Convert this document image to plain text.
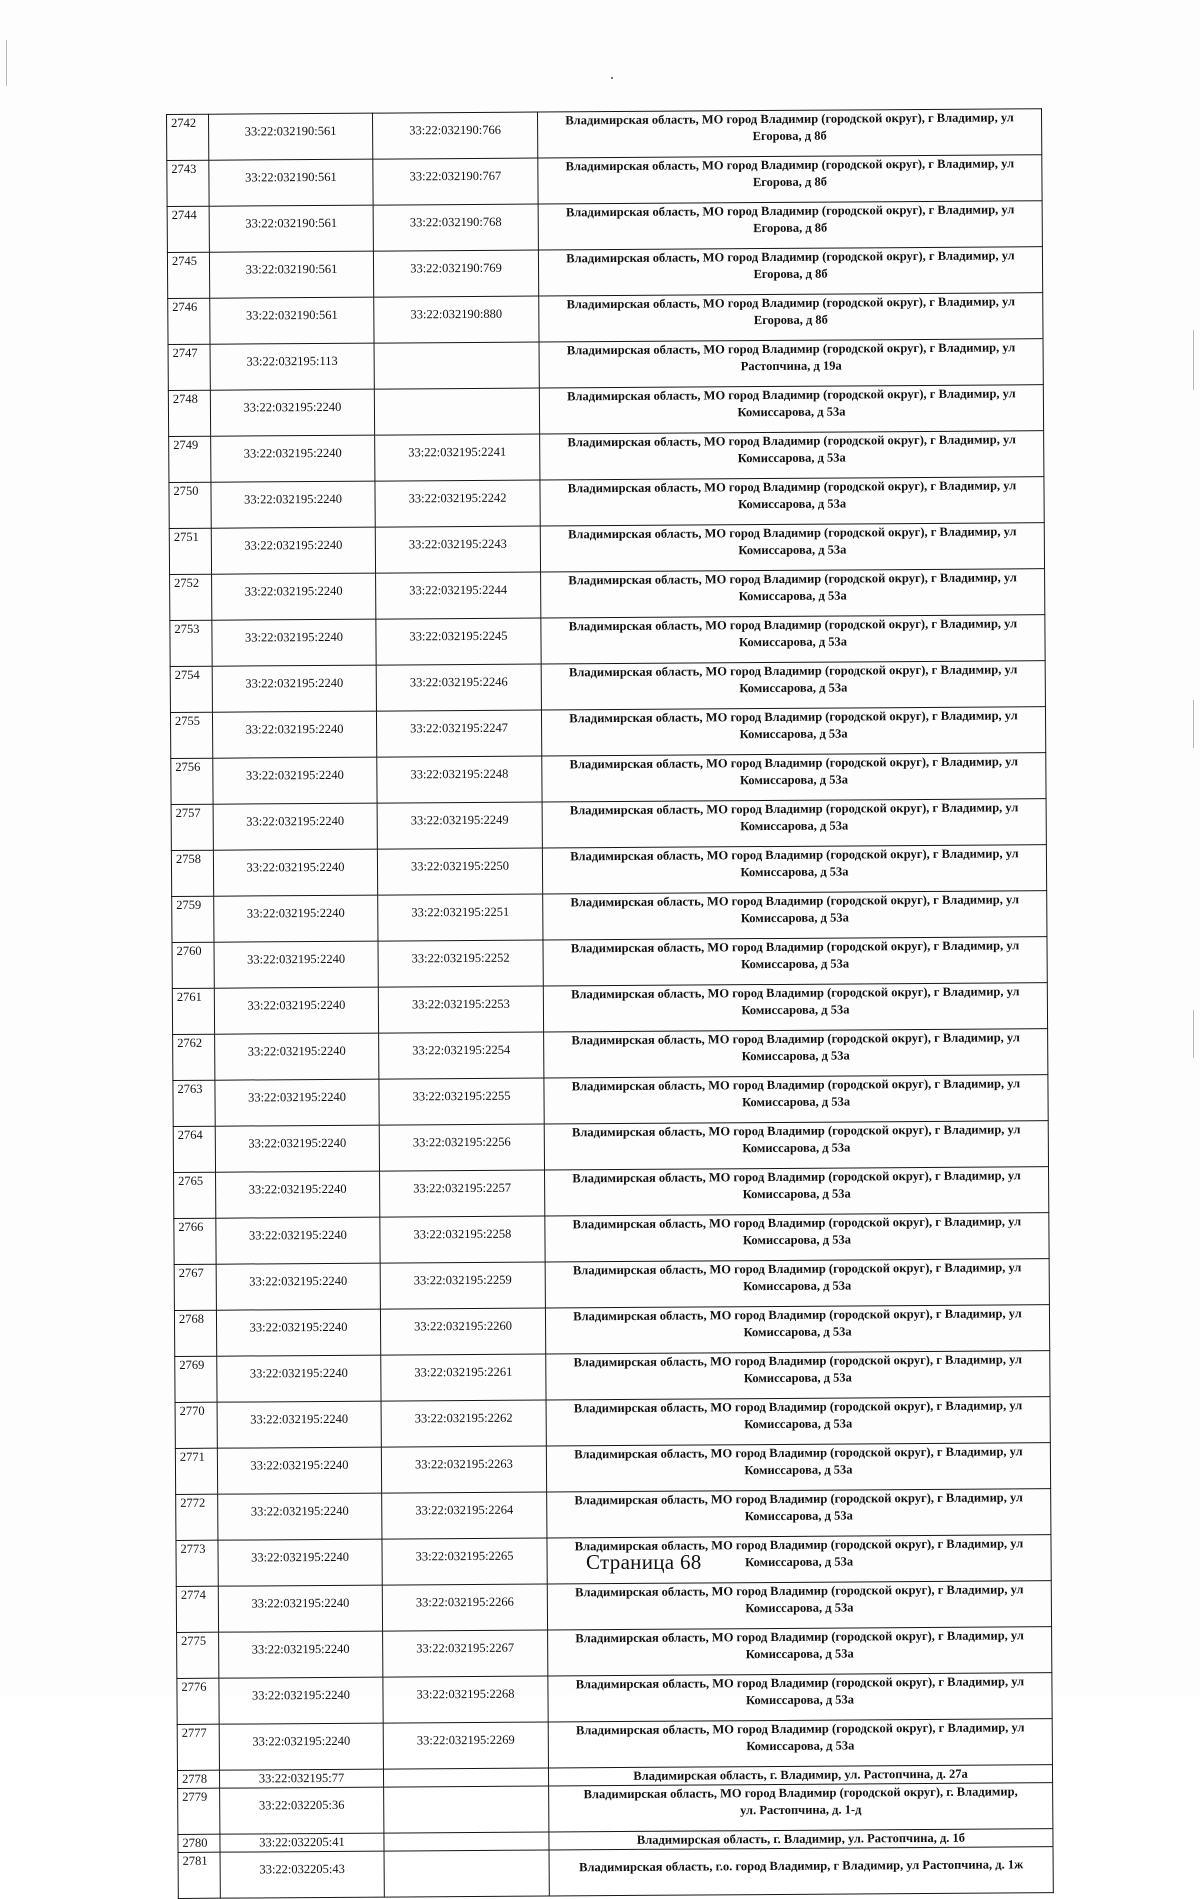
2742	33:22:032190:561	33:22:032190:766	Владимирская область, МО город Владимир (городской округ), г Владимир, ул
Егорова, д 8б

2743	33:22:032190:561	33:22:032190:767	Владимирская область, МО город Владимир (городской округ), г Владимир, ул
Егорова, д 8б

2744	33:22:032190:561	33:22:032190:768	Владимирская область, МО город Владимир (городской округ), г Владимир, ул
Егорова, д 8б

2745	33:22:032190:561	33:22:032190:769	Владимирская область, МО город Владимир (городской округ), г Владимир, ул
Егорова, д 8б

2746	33:22:032190:561	33:22:032190:880	Владимирская область, МО город Владимир (городской округ), г Владимир, ул
Егорова, д 8б

2747	33:22:032195:113		Владимирская область, МО город Владимир (городской округ), г Владимир, ул
Растопчина, д 19а

2748	33:22:032195:2240		Владимирская область, МО город Владимир (городской округ), г Владимир, ул
Комиссарова, д 53а

2749	33:22:032195:2240	33:22:032195:2241	Владимирская область, МО город Владимир (городской округ), г Владимир, ул
Комиссарова, д 53а

2750	33:22:032195:2240	33:22:032195:2242	Владимирская область, МО город Владимир (городской округ), г Владимир, ул
Комиссарова, д 53а

2751	33:22:032195:2240	33:22:032195:2243	Владимирская область, МО город Владимир (городской округ), г Владимир, ул
Комиссарова, д 53а

2752	33:22:032195:2240	33:22:032195:2244	Владимирская область, МО город Владимир (городской округ), г Владимир, ул
Комиссарова, д 53а

2753	33:22:032195:2240	33:22:032195:2245	Владимирская область, МО город Владимир (городской округ), г Владимир, ул
Комиссарова, д 53а

2754	33:22:032195:2240	33:22:032195:2246	Владимирская область, МО город Владимир (городской округ), г Владимир, ул
Комиссарова, д 53а

2755	33:22:032195:2240	33:22:032195:2247	Владимирская область, МО город Владимир (городской округ), г Владимир, ул
Комиссарова, д 53а

2756	33:22:032195:2240	33:22:032195:2248	Владимирская область, МО город Владимир (городской округ), г Владимир, ул
Комиссарова, д 53а

2757	33:22:032195:2240	33:22:032195:2249	Владимирская область, МО город Владимир (городской округ), г Владимир, ул
Комиссарова, д 53а

2758	33:22:032195:2240	33:22:032195:2250	Владимирская область, МО город Владимир (городской округ), г Владимир, ул
Комиссарова, д 53а

2759	33:22:032195:2240	33:22:032195:2251	Владимирская область, МО город Владимир (городской округ), г Владимир, ул
Комиссарова, д 53а

2760	33:22:032195:2240	33:22:032195:2252	Владимирская область, МО город Владимир (городской округ), г Владимир, ул
Комиссарова, д 53а

2761	33:22:032195:2240	33:22:032195:2253	Владимирская область, МО город Владимир (городской округ), г Владимир, ул
Комиссарова, д 53а

2762	33:22:032195:2240	33:22:032195:2254	Владимирская область, МО город Владимир (городской округ), г Владимир, ул
Комиссарова, д 53а

2763	33:22:032195:2240	33:22:032195:2255	Владимирская область, МО город Владимир (городской округ), г Владимир, ул
Комиссарова, д 53а

2764	33:22:032195:2240	33:22:032195:2256	Владимирская область, МО город Владимир (городской округ), г Владимир, ул
Комиссарова, д 53а

2765	33:22:032195:2240	33:22:032195:2257	Владимирская область, МО город Владимир (городской округ), г Владимир, ул
Комиссарова, д 53а

2766	33:22:032195:2240	33:22:032195:2258	Владимирская область, МО город Владимир (городской округ), г Владимир, ул
Комиссарова, д 53а

2767	33:22:032195:2240	33:22:032195:2259	Владимирская область, МО город Владимир (городской округ), г Владимир, ул
Комиссарова, д 53а

2768	33:22:032195:2240	33:22:032195:2260	Владимирская область, МО город Владимир (городской округ), г Владимир, ул
Комиссарова, д 53а

2769	33:22:032195:2240	33:22:032195:2261	Владимирская область, МО город Владимир (городской округ), г Владимир, ул
Комиссарова, д 53а

2770	33:22:032195:2240	33:22:032195:2262	Владимирская область, МО город Владимир (городской округ), г Владимир, ул
Комиссарова, д 53а

2771	33:22:032195:2240	33:22:032195:2263	Владимирская область, МО город Владимир (городской округ), г Владимир, ул
Комиссарова, д 53а

2772	33:22:032195:2240	33:22:032195:2264	Владимирская область, МО город Владимир (городской округ), г Владимир, ул
Комиссарова, д 53а

2773	33:22:032195:2240	33:22:032195:2265	Владимирская область, МО город Владимир (городской округ), г Владимир, ул
Комиссарова, д 53а

2774	33:22:032195:2240	33:22:032195:2266	Владимирская область, МО город Владимир (городской округ), г Владимир, ул
Комиссарова, д 53а

2775	33:22:032195:2240	33:22:032195:2267	Владимирская область, МО город Владимир (городской округ), г Владимир, ул
Комиссарова, д 53а

2776	33:22:032195:2240	33:22:032195:2268	Владимирская область, МО город Владимир (городской округ), г Владимир, ул
Комиссарова, д 53а

2777	33:22:032195:2240	33:22:032195:2269	Владимирская область, МО город Владимир (городской округ), г Владимир, ул
Комиссарова, д 53а

2778	33:22:032195:77		Владимирская область, г. Владимир, ул. Растопчина, д. 27а

2779	33:22:032205:36		Владимирская область, МО город Владимир (городской округ), г. Владимир,
ул. Растопчина, д. 1-д

2780	33:22:032205:41		Владимирская область, г. Владимир, ул. Растопчина, д. 1б

2781	33:22:032205:43		Владимирская область, г.о. город Владимир, г Владимир, ул Растопчина, д. 1ж
Страница 68
